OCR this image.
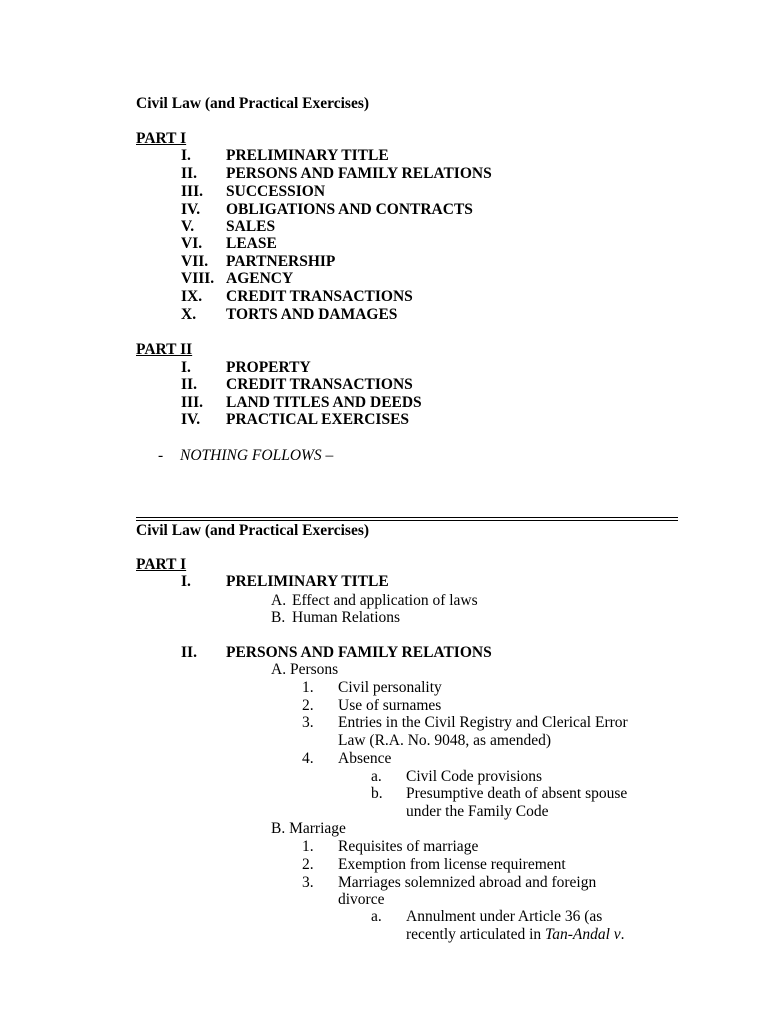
Civil Law (and Practical Exercises)
PART I
I. PRELIMINARY TITLE
II. PERSONS AND FAMILY RELATIONS
III. SUCCESSION
IV. OBLIGATIONS AND CONTRACTS
V. SALES
VI. LEASE
VII. PARTNERSHIP
VIII. AGENCY
IX. CREDIT TRANSACTIONS
X. TORTS AND DAMAGES
PART II
I. PROPERTY
II. CREDIT TRANSACTIONS
III. LAND TITLES AND DEEDS
IV. PRACTICAL EXERCISES
- NOTHING FOLLOWS –
Civil Law (and Practical Exercises)
PART I
I. PRELIMINARY TITLE
A. Effect and application of laws
B. Human Relations
II. PERSONS AND FAMILY RELATIONS
A. Persons
1. Civil personality
2. Use of surnames
3. Entries in the Civil Registry and Clerical Error
Law (R.A. No. 9048, as amended)
4. Absence
a. Civil Code provisions
b. Presumptive death of absent spouse
under the Family Code
B. Marriage
1. Requisites of marriage
2. Exemption from license requirement
3. Marriages solemnized abroad and foreign
divorce
a. Annulment under Article 36 (as
recently articulated in Tan-Andal v.
